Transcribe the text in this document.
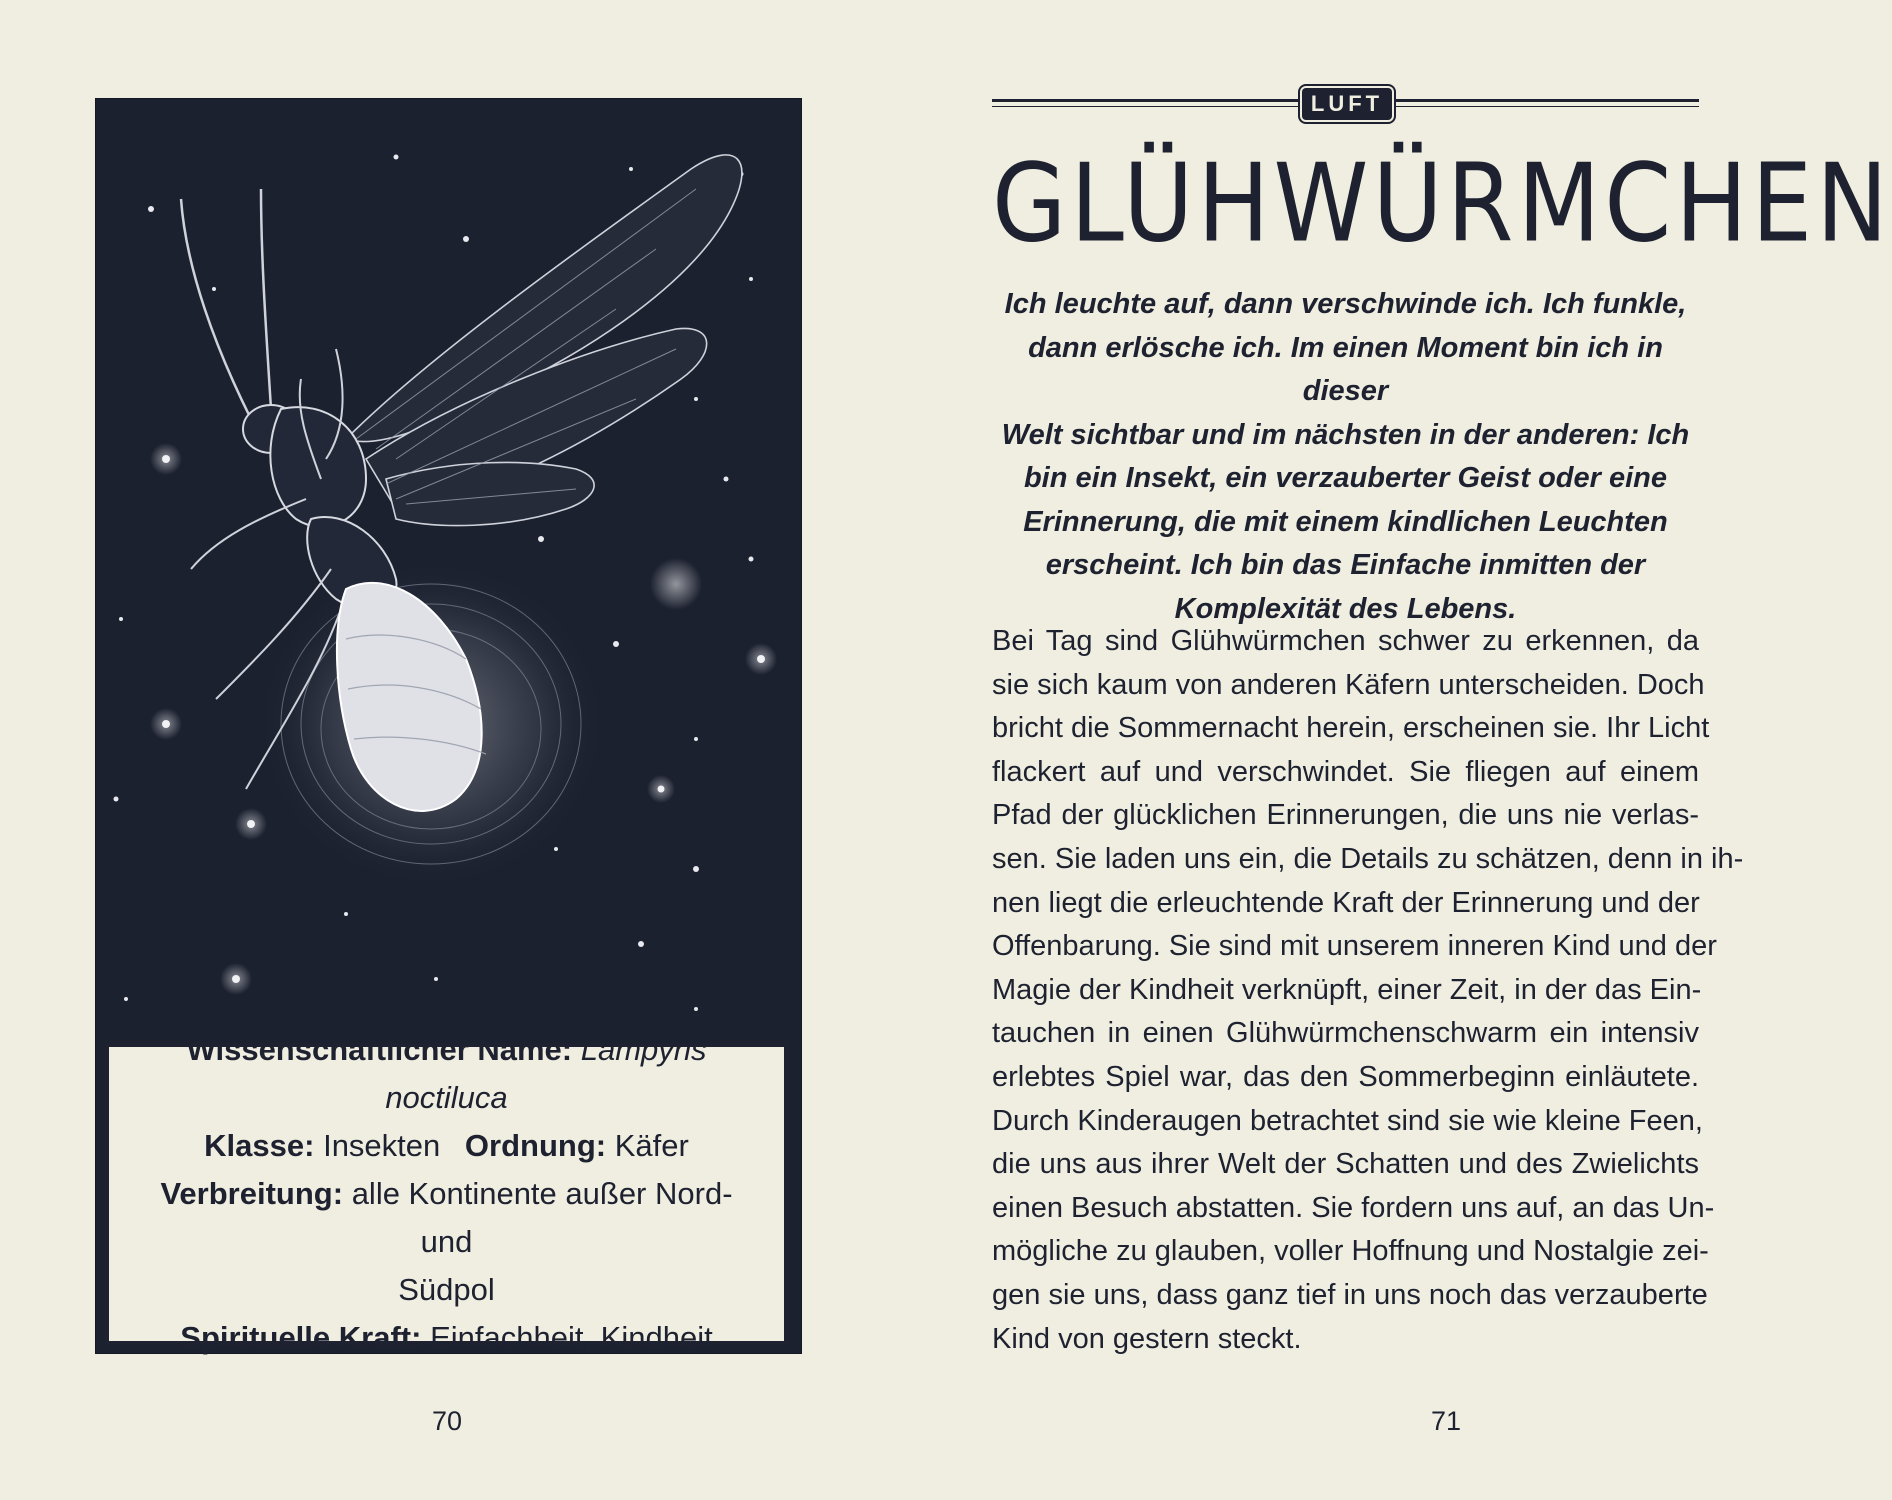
Wissenschaftlicher Name: Lampyris noctiluca
Klasse: Insekten Ordnung: Käfer
Verbreitung: alle Kontinente außer Nord- und
Südpol
Spirituelle Kraft: Einfachheit, Kindheit
70
LUFT
GLÜHWÜRMCHEN
Ich leuchte auf, dann verschwinde ich. Ich funkle,
dann erlösche ich. Im einen Moment bin ich in dieser
Welt sichtbar und im nächsten in der anderen: Ich
bin ein Insekt, ein verzauberter Geist oder eine
Erinnerung, die mit einem kindlichen Leuchten
erscheint. Ich bin das Einfache inmitten der
Komplexität des Lebens.
Bei Tag sind Glühwürmchen schwer zu erkennen, da
sie sich kaum von anderen Käfern unterscheiden. Doch
bricht die Sommernacht herein, erscheinen sie. Ihr Licht
flackert auf und verschwindet. Sie fliegen auf einem
Pfad der glücklichen Erinnerungen, die uns nie verlas-
sen. Sie laden uns ein, die Details zu schätzen, denn in ih-
nen liegt die erleuchtende Kraft der Erinnerung und der
Offenbarung. Sie sind mit unserem inneren Kind und der
Magie der Kindheit verknüpft, einer Zeit, in der das Ein-
tauchen in einen Glühwürmchenschwarm ein intensiv
erlebtes Spiel war, das den Sommerbeginn einläutete.
Durch Kinderaugen betrachtet sind sie wie kleine Feen,
die uns aus ihrer Welt der Schatten und des Zwielichts
einen Besuch abstatten. Sie fordern uns auf, an das Un-
mögliche zu glauben, voller Hoffnung und Nostalgie zei-
gen sie uns, dass ganz tief in uns noch das verzauberte
Kind von gestern steckt.
71
